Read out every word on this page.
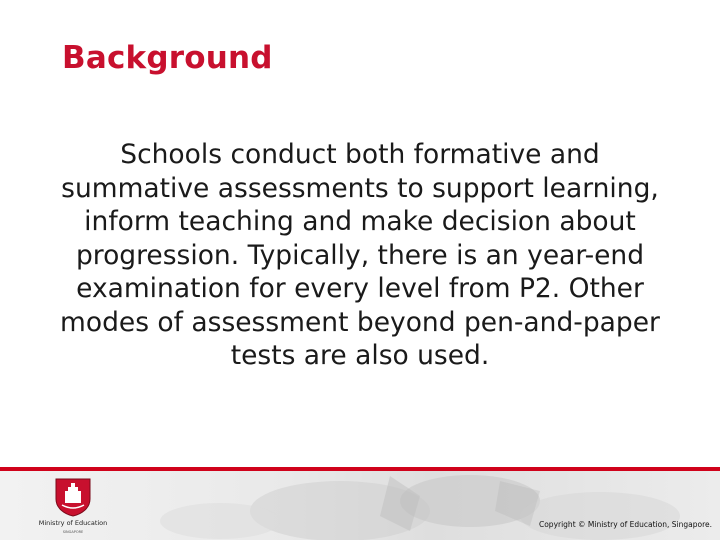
Background
Schools conduct both formative and summative assessments to support learning, inform teaching and make decision about progression. Typically, there is an year-end examination for every level from P2. Other modes of assessment beyond pen-and-paper tests are also used.
Ministry of Education
SINGAPORE
Copyright © Ministry of Education, Singapore.
